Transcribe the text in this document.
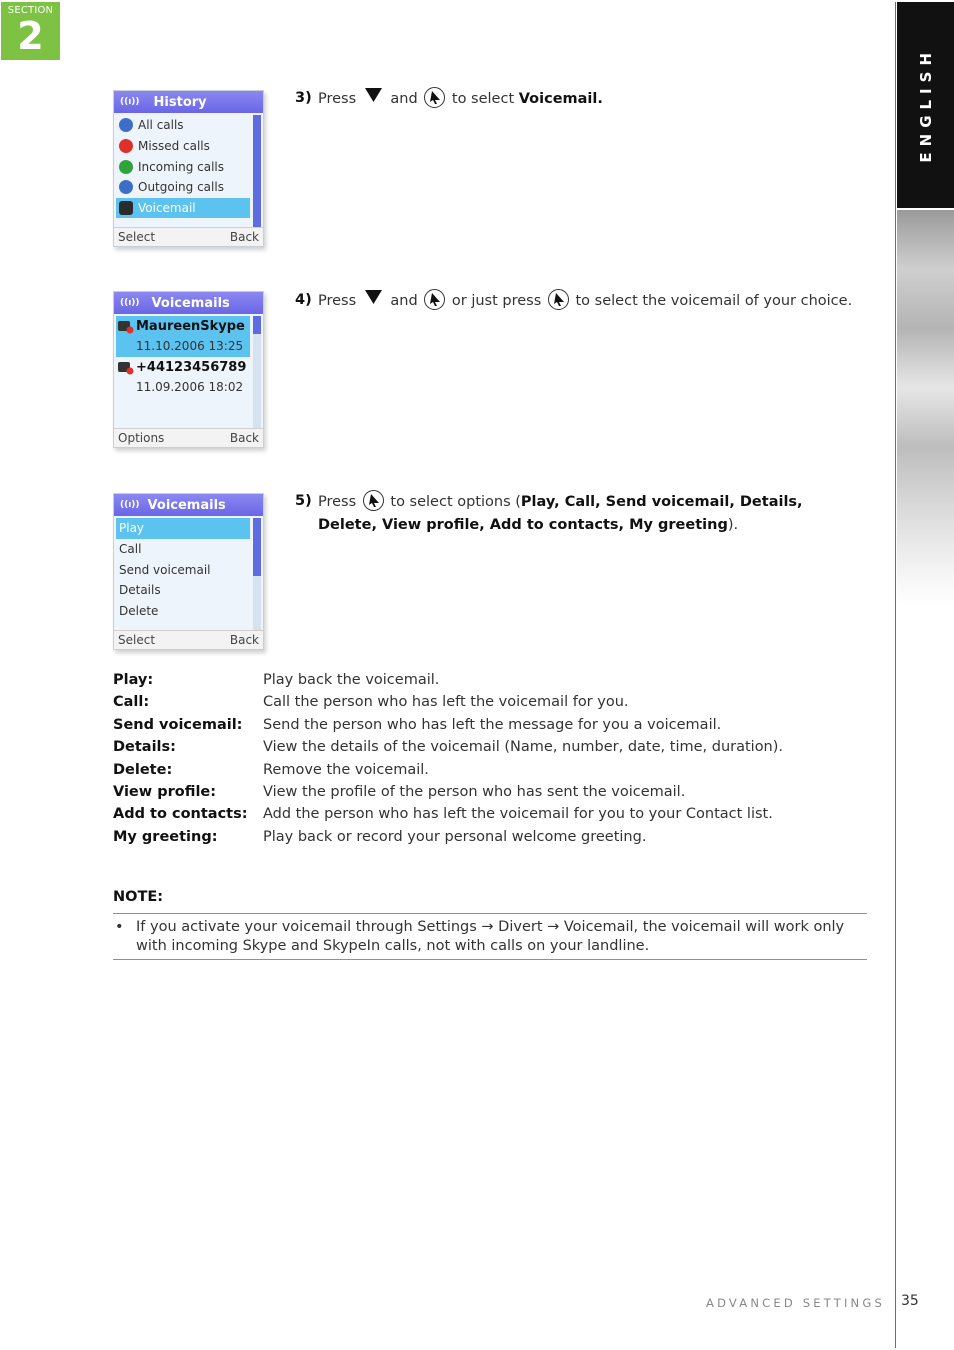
SECTION
2
ENGLISH
((ı)) History
All calls
Missed calls
Incoming calls
Outgoing calls
Voicemail
Select	Back
((ı)) Voicemails
MaureenSkype
11.10.2006 13:25
+44123456789
11.09.2006 18:02
Options	Back
((ı)) Voicemails
Play
Call
Send voicemail
Details
Delete
Select	Back
3) Press and to select Voicemail.
4) Press and or just press to select the voicemail of your choice.
5) Press to select options (Play, Call, Send voicemail, Details, Delete, View profile, Add to contacts, My greeting).
Play:	Play back the voicemail.
Call:	Call the person who has left the voicemail for you.
Send voicemail:	Send the person who has left the message for you a voicemail.
Details:	View the details of the voicemail (Name, number, date, time, duration).
Delete:	Remove the voicemail.
View profile:	View the profile of the person who has sent the voicemail.
Add to contacts:	Add the person who has left the voicemail for you to your Contact list.
My greeting:	Play back or record your personal welcome greeting.
NOTE:
• If you activate your voicemail through Settings → Divert → Voicemail, the voicemail will work only with incoming Skype and SkypeIn calls, not with calls on your landline.
ADVANCED SETTINGS 35
